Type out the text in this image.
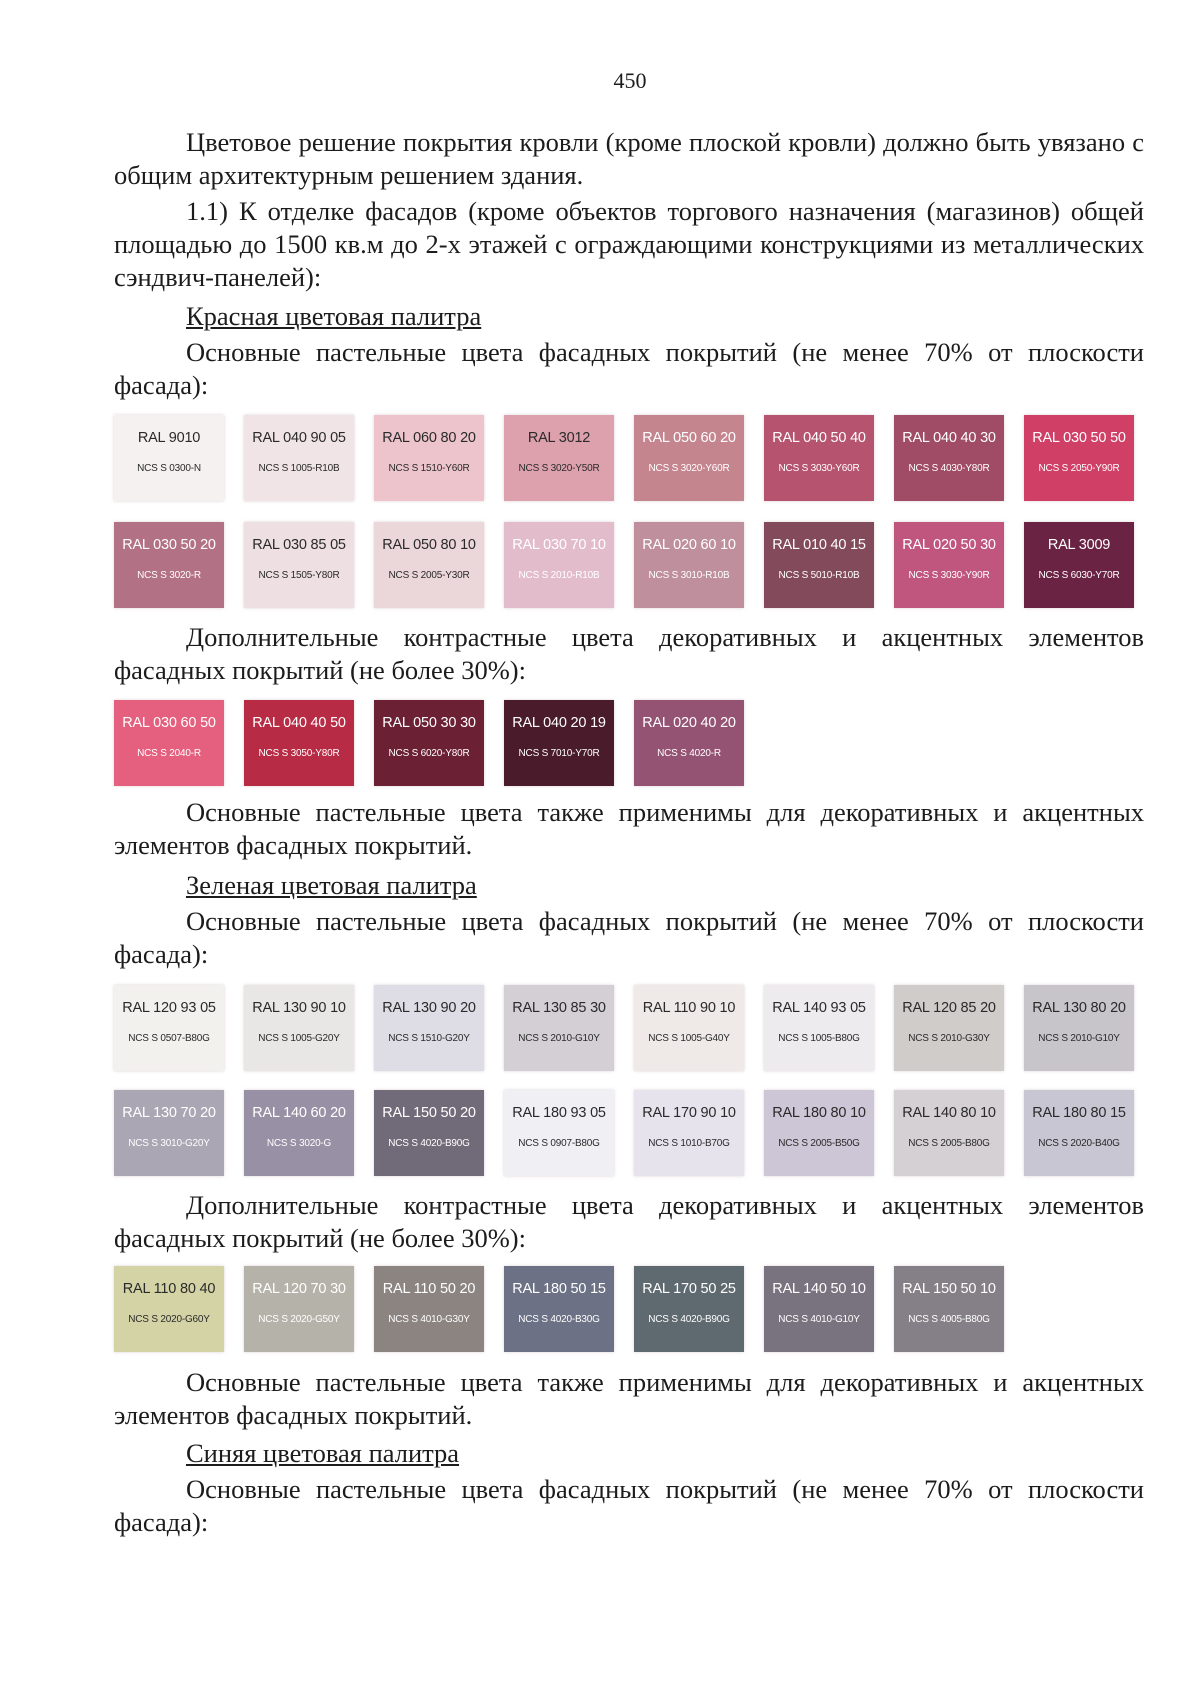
450

Цветовое решение покрытия кровли (кроме плоской кровли) должно быть увязано с общим архитектурным решением здания.

1.1) К отделке фасадов (кроме объектов торгового назначения (магазинов) общей площадью до 1500 кв.м до 2-х этажей с ограждающими конструкциями из металлических сэндвич-панелей):

Красная цветовая палитра

Основные пастельные цвета фасадных покрытий (не менее 70% от плоскости фасада):

RAL 9010
NCS S 0300-N
RAL 040 90 05
NCS S 1005-R10B
RAL 060 80 20
NCS S 1510-Y60R
RAL 3012
NCS S 3020-Y50R
RAL 050 60 20
NCS S 3020-Y60R
RAL 040 50 40
NCS S 3030-Y60R
RAL 040 40 30
NCS S 4030-Y80R
RAL 030 50 50
NCS S 2050-Y90R
RAL 030 50 20
NCS S 3020-R
RAL 030 85 05
NCS S 1505-Y80R
RAL 050 80 10
NCS S 2005-Y30R
RAL 030 70 10
NCS S 2010-R10B
RAL 020 60 10
NCS S 3010-R10B
RAL 010 40 15
NCS S 5010-R10B
RAL 020 50 30
NCS S 3030-Y90R
RAL 3009
NCS S 6030-Y70R

Дополнительные контрастные цвета декоративных и акцентных элементов фасадных покрытий (не более 30%):

RAL 030 60 50
NCS S 2040-R
RAL 040 40 50
NCS S 3050-Y80R
RAL 050 30 30
NCS S 6020-Y80R
RAL 040 20 19
NCS S 7010-Y70R
RAL 020 40 20
NCS S 4020-R

Основные пастельные цвета также применимы для декоративных и акцентных элементов фасадных покрытий.

Зеленая цветовая палитра

Основные пастельные цвета фасадных покрытий (не менее 70% от плоскости фасада):

RAL 120 93 05
NCS S 0507-B80G
RAL 130 90 10
NCS S 1005-G20Y
RAL 130 90 20
NCS S 1510-G20Y
RAL 130 85 30
NCS S 2010-G10Y
RAL 110 90 10
NCS S 1005-G40Y
RAL 140 93 05
NCS S 1005-B80G
RAL 120 85 20
NCS S 2010-G30Y
RAL 130 80 20
NCS S 2010-G10Y
RAL 130 70 20
NCS S 3010-G20Y
RAL 140 60 20
NCS S 3020-G
RAL 150 50 20
NCS S 4020-B90G
RAL 180 93 05
NCS S 0907-B80G
RAL 170 90 10
NCS S 1010-B70G
RAL 180 80 10
NCS S 2005-B50G
RAL 140 80 10
NCS S 2005-B80G
RAL 180 80 15
NCS S 2020-B40G

Дополнительные контрастные цвета декоративных и акцентных элементов фасадных покрытий (не более 30%):

RAL 110 80 40
NCS S 2020-G60Y
RAL 120 70 30
NCS S 2020-G50Y
RAL 110 50 20
NCS S 4010-G30Y
RAL 180 50 15
NCS S 4020-B30G
RAL 170 50 25
NCS S 4020-B90G
RAL 140 50 10
NCS S 4010-G10Y
RAL 150 50 10
NCS S 4005-B80G

Основные пастельные цвета также применимы для декоративных и акцентных элементов фасадных покрытий.

Синяя цветовая палитра

Основные пастельные цвета фасадных покрытий (не менее 70% от плоскости фасада):
